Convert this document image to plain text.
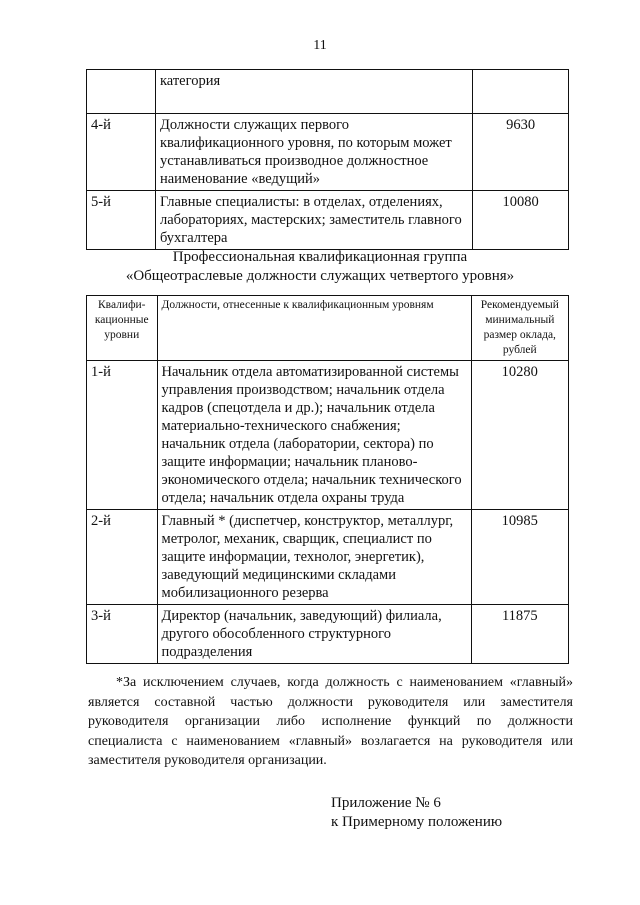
11
	категория	
4-й	Должности служащих первого квалификационного уровня, по которым может устанавливаться производное должностное наименование «ведущий»	9630
5-й	Главные специалисты: в отделах, отделениях, лабораториях, мастерских; заместитель главного бухгалтера	10080
Профессиональная квалификационная группа
«Общеотраслевые должности служащих четвертого уровня»
Квалифи-кационные уровни	Должности, отнесенные к квалификационным уровням	Рекомендуемый минимальный размер оклада, рублей
1-й	Начальник отдела автоматизированной системы управления производством; начальник отдела кадров (спецотдела и др.); начальник отдела материально-технического снабжения; начальник отдела (лаборатории, сектора) по защите информации; начальник планово-экономического отдела; начальник технического отдела; начальник отдела охраны труда	10280
2-й	Главный * (диспетчер, конструктор, металлург, метролог, механик, сварщик, специалист по защите информации, технолог, энергетик), заведующий медицинскими складами мобилизационного резерва	10985
3-й	Директор (начальник, заведующий) филиала, другого обособленного структурного подразделения	11875
*За исключением случаев, когда должность с наименованием «главный» является составной частью должности руководителя или заместителя руководителя организации либо исполнение функций по должности специалиста с наименованием «главный» возлагается на руководителя или заместителя руководителя организации.
Приложение № 6
к Примерному положению
